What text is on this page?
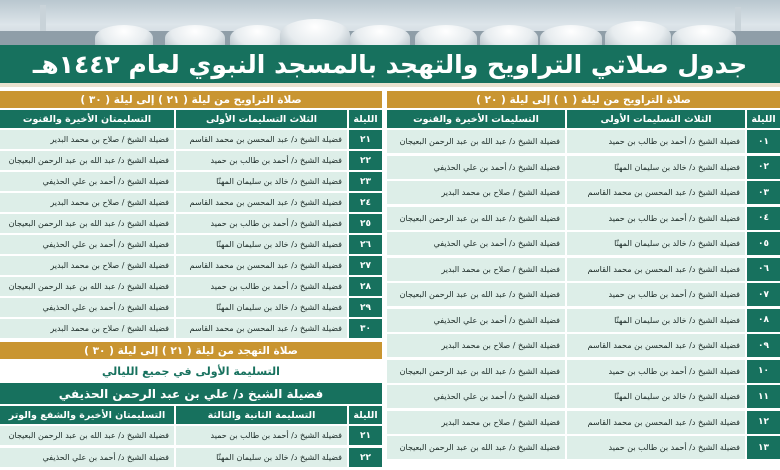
جدول صلاتي التراويح والتهجد بالمسجد النبوي لعام ١٤٤٢هـ
صلاة التراويح من ليلة ( ١ ) إلى ليلة ( ٢٠ )
الليلة
الثلاث التسليمات الأولى
التسليمات الأخيرة والقنوت
٠١
فضيلة الشيخ د/ أحمد بن طالب بن حميد
فضيلة الشيخ د/ عبد الله بن عبد الرحمن البعيجان
٠٢
فضيلة الشيخ د/ خالد بن سليمان المهنّا
فضيلة الشيخ د/ أحمد بن علي الحذيفي
٠٣
فضيلة الشيخ د/ عبد المحسن بن محمد القاسم
فضيلة الشيخ / صلاح بن محمد البدير
٠٤
فضيلة الشيخ د/ أحمد بن طالب بن حميد
فضيلة الشيخ د/ عبد الله بن عبد الرحمن البعيجان
٠٥
فضيلة الشيخ د/ خالد بن سليمان المهنّا
فضيلة الشيخ د/ أحمد بن علي الحذيفي
٠٦
فضيلة الشيخ د/ عبد المحسن بن محمد القاسم
فضيلة الشيخ / صلاح بن محمد البدير
٠٧
فضيلة الشيخ د/ أحمد بن طالب بن حميد
فضيلة الشيخ د/ عبد الله بن عبد الرحمن البعيجان
٠٨
فضيلة الشيخ د/ خالد بن سليمان المهنّا
فضيلة الشيخ د/ أحمد بن علي الحذيفي
٠٩
فضيلة الشيخ د/ عبد المحسن بن محمد القاسم
فضيلة الشيخ / صلاح بن محمد البدير
١٠
فضيلة الشيخ د/ أحمد بن طالب بن حميد
فضيلة الشيخ د/ عبد الله بن عبد الرحمن البعيجان
١١
فضيلة الشيخ د/ خالد بن سليمان المهنّا
فضيلة الشيخ د/ أحمد بن علي الحذيفي
١٢
فضيلة الشيخ د/ عبد المحسن بن محمد القاسم
فضيلة الشيخ / صلاح بن محمد البدير
١٣
فضيلة الشيخ د/ أحمد بن طالب بن حميد
فضيلة الشيخ د/ عبد الله بن عبد الرحمن البعيجان
صلاة التراويح من ليلة ( ٢١ ) إلى ليلة ( ٣٠ )
الليلة
الثلاث التسليمات الأولى
التسليمتان الأخيرة والقنوت
٢١
فضيلة الشيخ د/ عبد المحسن بن محمد القاسم
فضيلة الشيخ / صلاح بن محمد البدير
٢٢
فضيلة الشيخ د/ أحمد بن طالب بن حميد
فضيلة الشيخ د/ عبد الله بن عبد الرحمن البعيجان
٢٣
فضيلة الشيخ د/ خالد بن سليمان المهنّا
فضيلة الشيخ د/ أحمد بن علي الحذيفي
٢٤
فضيلة الشيخ د/ عبد المحسن بن محمد القاسم
فضيلة الشيخ / صلاح بن محمد البدير
٢٥
فضيلة الشيخ د/ أحمد بن طالب بن حميد
فضيلة الشيخ د/ عبد الله بن عبد الرحمن البعيجان
٢٦
فضيلة الشيخ د/ خالد بن سليمان المهنّا
فضيلة الشيخ د/ أحمد بن علي الحذيفي
٢٧
فضيلة الشيخ د/ عبد المحسن بن محمد القاسم
فضيلة الشيخ / صلاح بن محمد البدير
٢٨
فضيلة الشيخ د/ أحمد بن طالب بن حميد
فضيلة الشيخ د/ عبد الله بن عبد الرحمن البعيجان
٢٩
فضيلة الشيخ د/ خالد بن سليمان المهنّا
فضيلة الشيخ د/ أحمد بن علي الحذيفي
٣٠
فضيلة الشيخ د/ عبد المحسن بن محمد القاسم
فضيلة الشيخ / صلاح بن محمد البدير
صلاة التهجد من ليلة ( ٢١ ) إلى ليلة ( ٣٠ )
التسليمة الأولى في جميع الليالي
فضيلة الشيخ د/ علي بن عبد الرحمن الحذيفي
الليلة
التسليمة الثانية والثالثة
التسليمتان الأخيرة والشفع والوتر
٢١
فضيلة الشيخ د/ أحمد بن طالب بن حميد
فضيلة الشيخ د/ عبد الله بن عبد الرحمن البعيجان
٢٢
فضيلة الشيخ د/ خالد بن سليمان المهنّا
فضيلة الشيخ د/ أحمد بن علي الحذيفي
